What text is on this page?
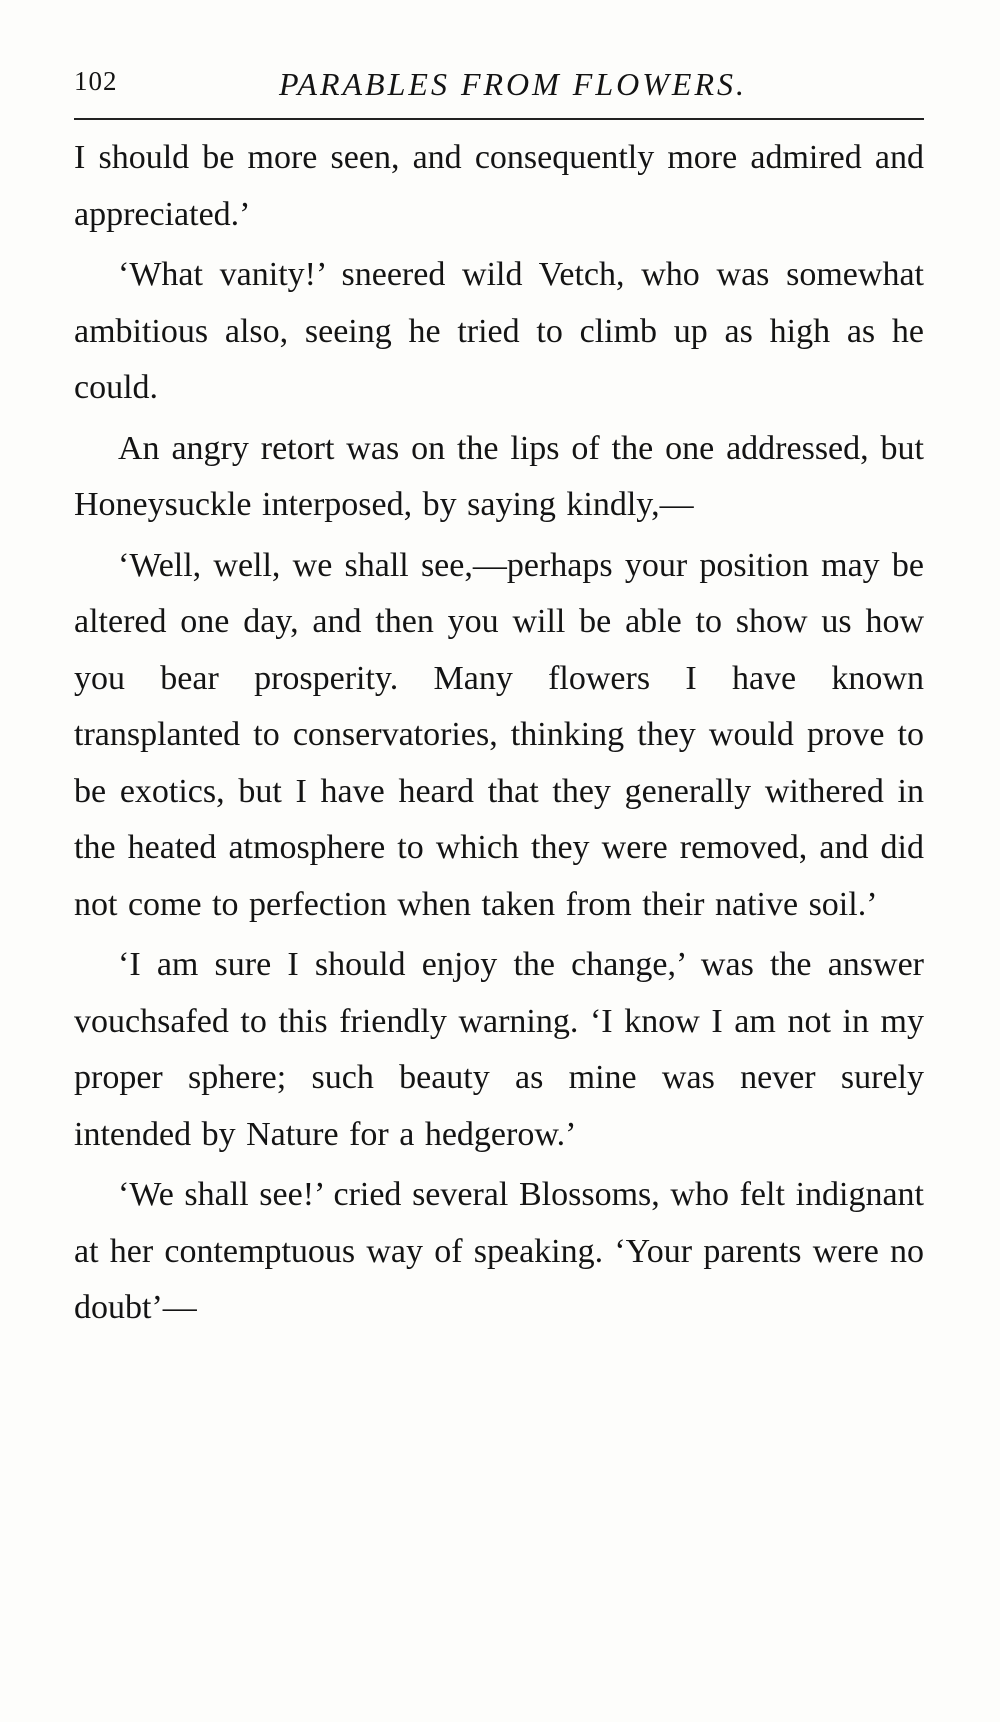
102	PARABLES FROM FLOWERS.

I should be more seen, and consequently more admired and appreciated.’

‘What vanity!’ sneered wild Vetch, who was somewhat ambitious also, seeing he tried to climb up as high as he could.

An angry retort was on the lips of the one addressed, but Honeysuckle interposed, by saying kindly,—

‘Well, well, we shall see,—perhaps your position may be altered one day, and then you will be able to show us how you bear prosperity. Many flowers I have known transplanted to conservatories, thinking they would prove to be exotics, but I have heard that they generally withered in the heated atmosphere to which they were removed, and did not come to perfection when taken from their native soil.’

‘I am sure I should enjoy the change,’ was the answer vouchsafed to this friendly warning. ‘I know I am not in my proper sphere; such beauty as mine was never surely intended by Nature for a hedgerow.’

‘We shall see!’ cried several Blossoms, who felt indignant at her contemptuous way of speaking. ‘Your parents were no doubt’—
